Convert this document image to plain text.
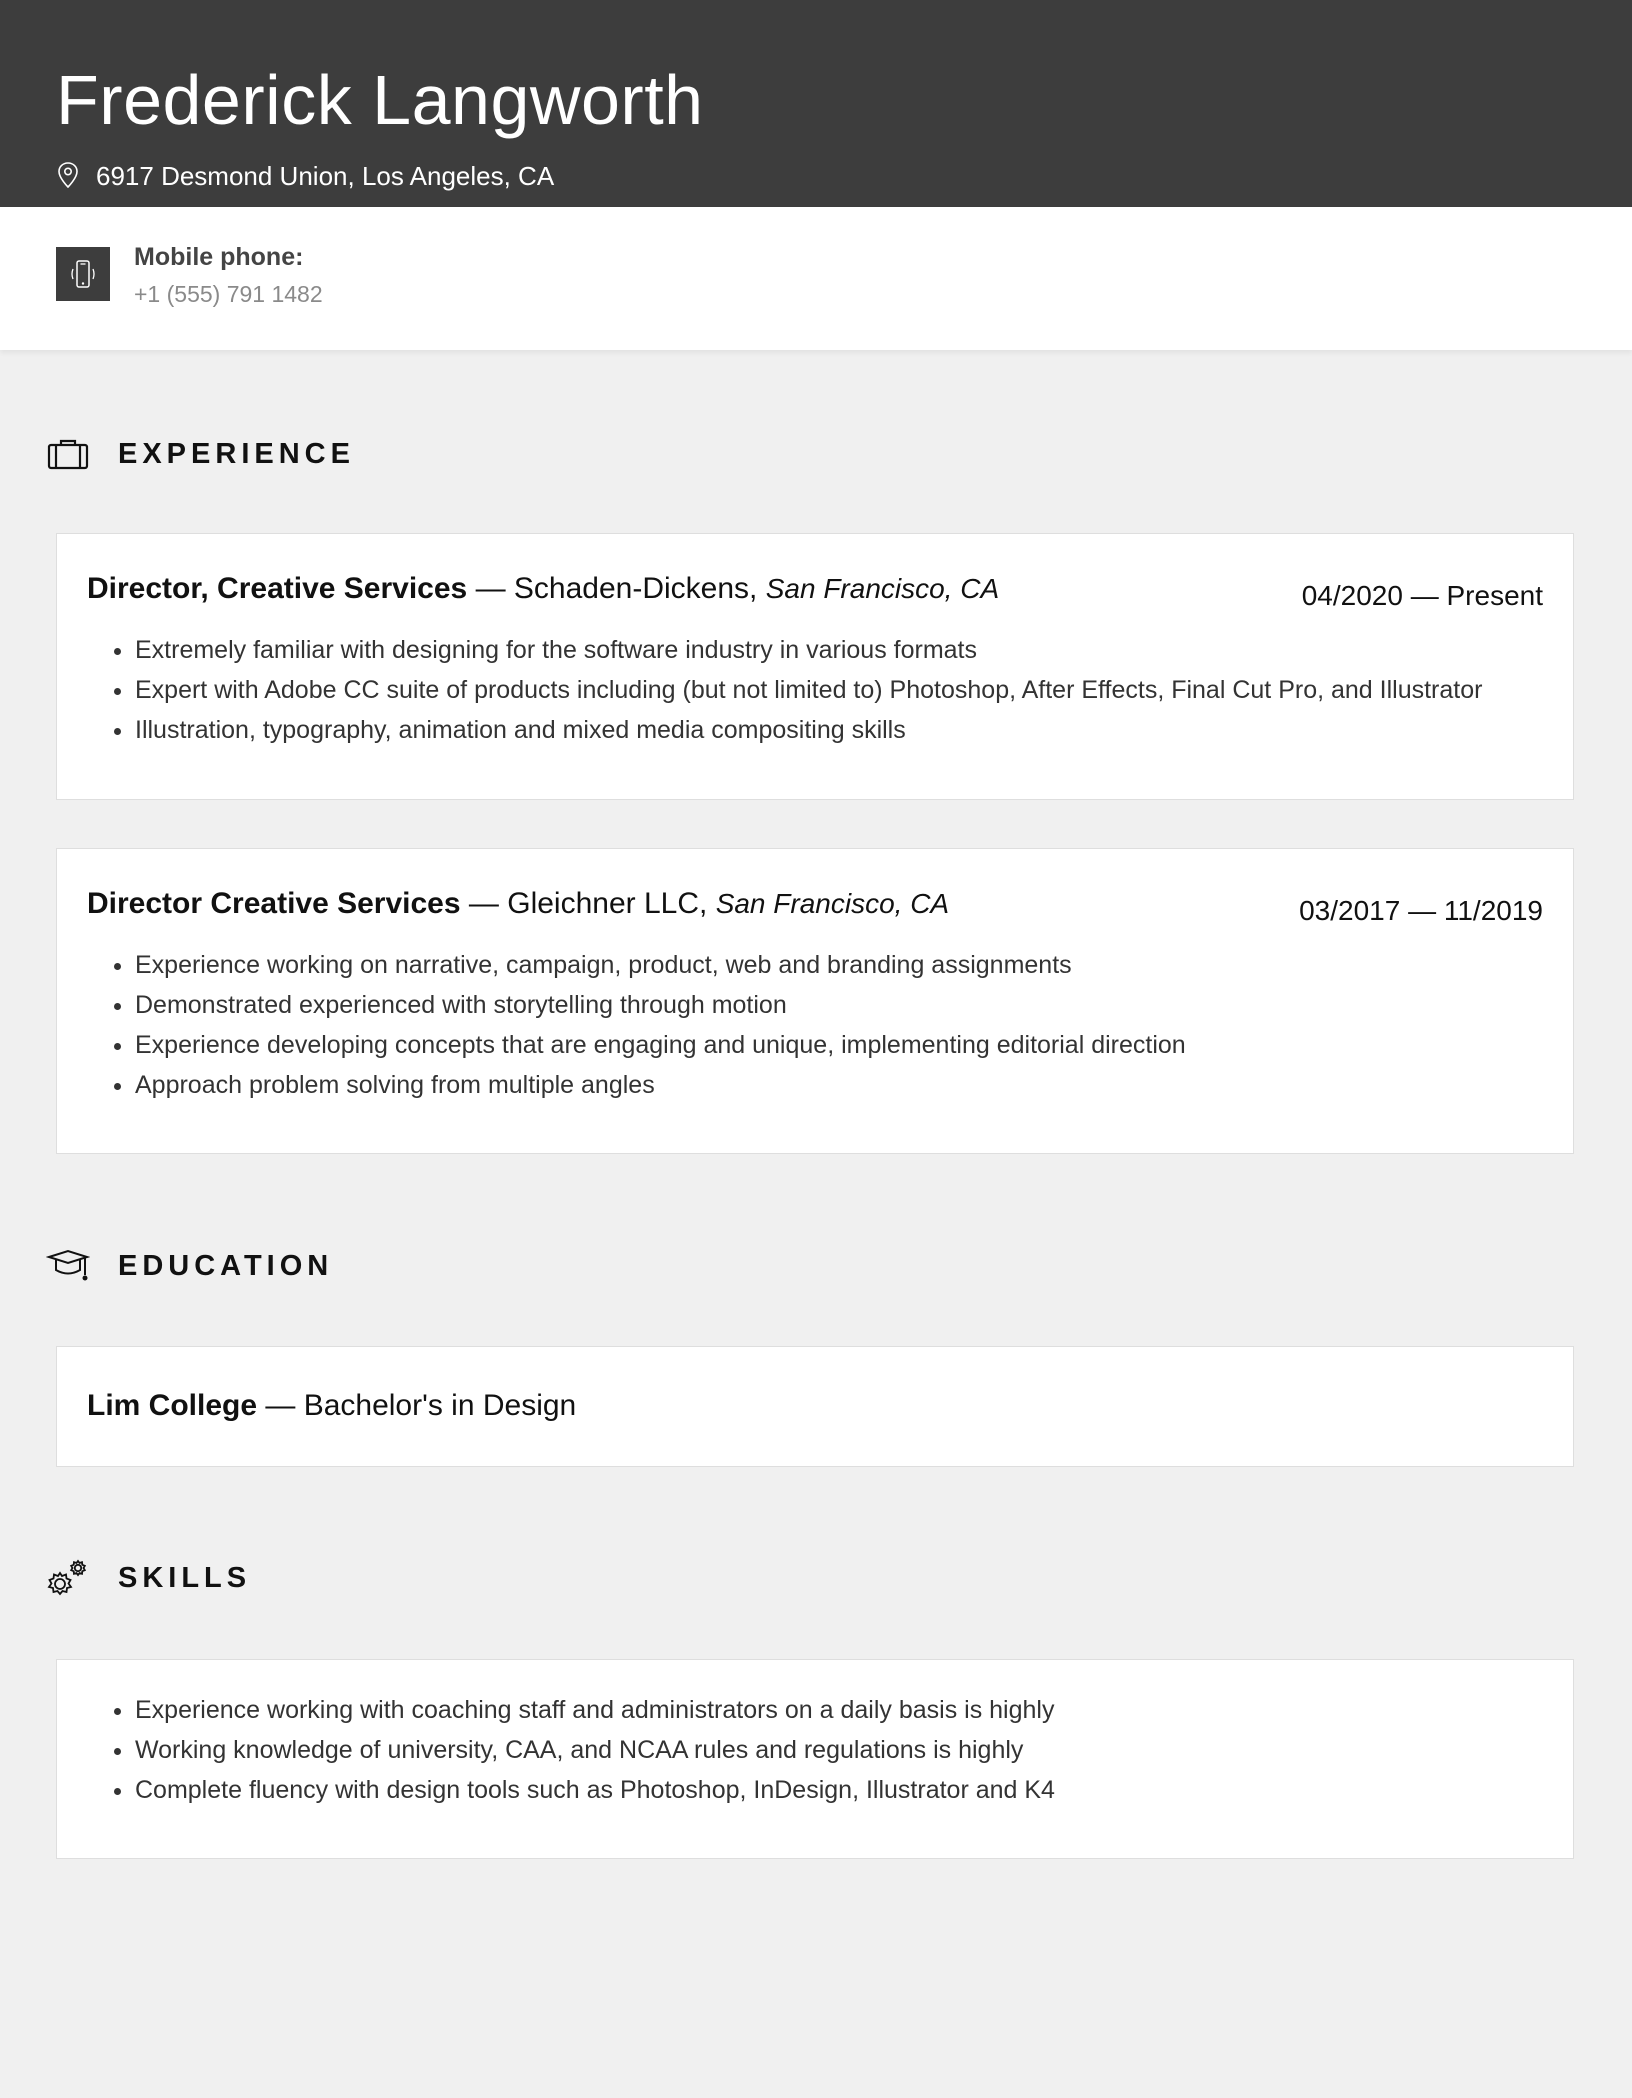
Frederick Langworth
6917 Desmond Union, Los Angeles, CA
Mobile phone:
+1 (555) 791 1482
EXPERIENCE
Director, Creative Services — Schaden-Dickens, San Francisco, CA	04/2020 — Present
• Extremely familiar with designing for the software industry in various formats
• Expert with Adobe CC suite of products including (but not limited to) Photoshop, After Effects, Final Cut Pro, and Illustrator
• Illustration, typography, animation and mixed media compositing skills
Director Creative Services — Gleichner LLC, San Francisco, CA	03/2017 — 11/2019
• Experience working on narrative, campaign, product, web and branding assignments
• Demonstrated experienced with storytelling through motion
• Experience developing concepts that are engaging and unique, implementing editorial direction
• Approach problem solving from multiple angles
EDUCATION
Lim College — Bachelor's in Design
SKILLS
• Experience working with coaching staff and administrators on a daily basis is highly
• Working knowledge of university, CAA, and NCAA rules and regulations is highly
• Complete fluency with design tools such as Photoshop, InDesign, Illustrator and K4
